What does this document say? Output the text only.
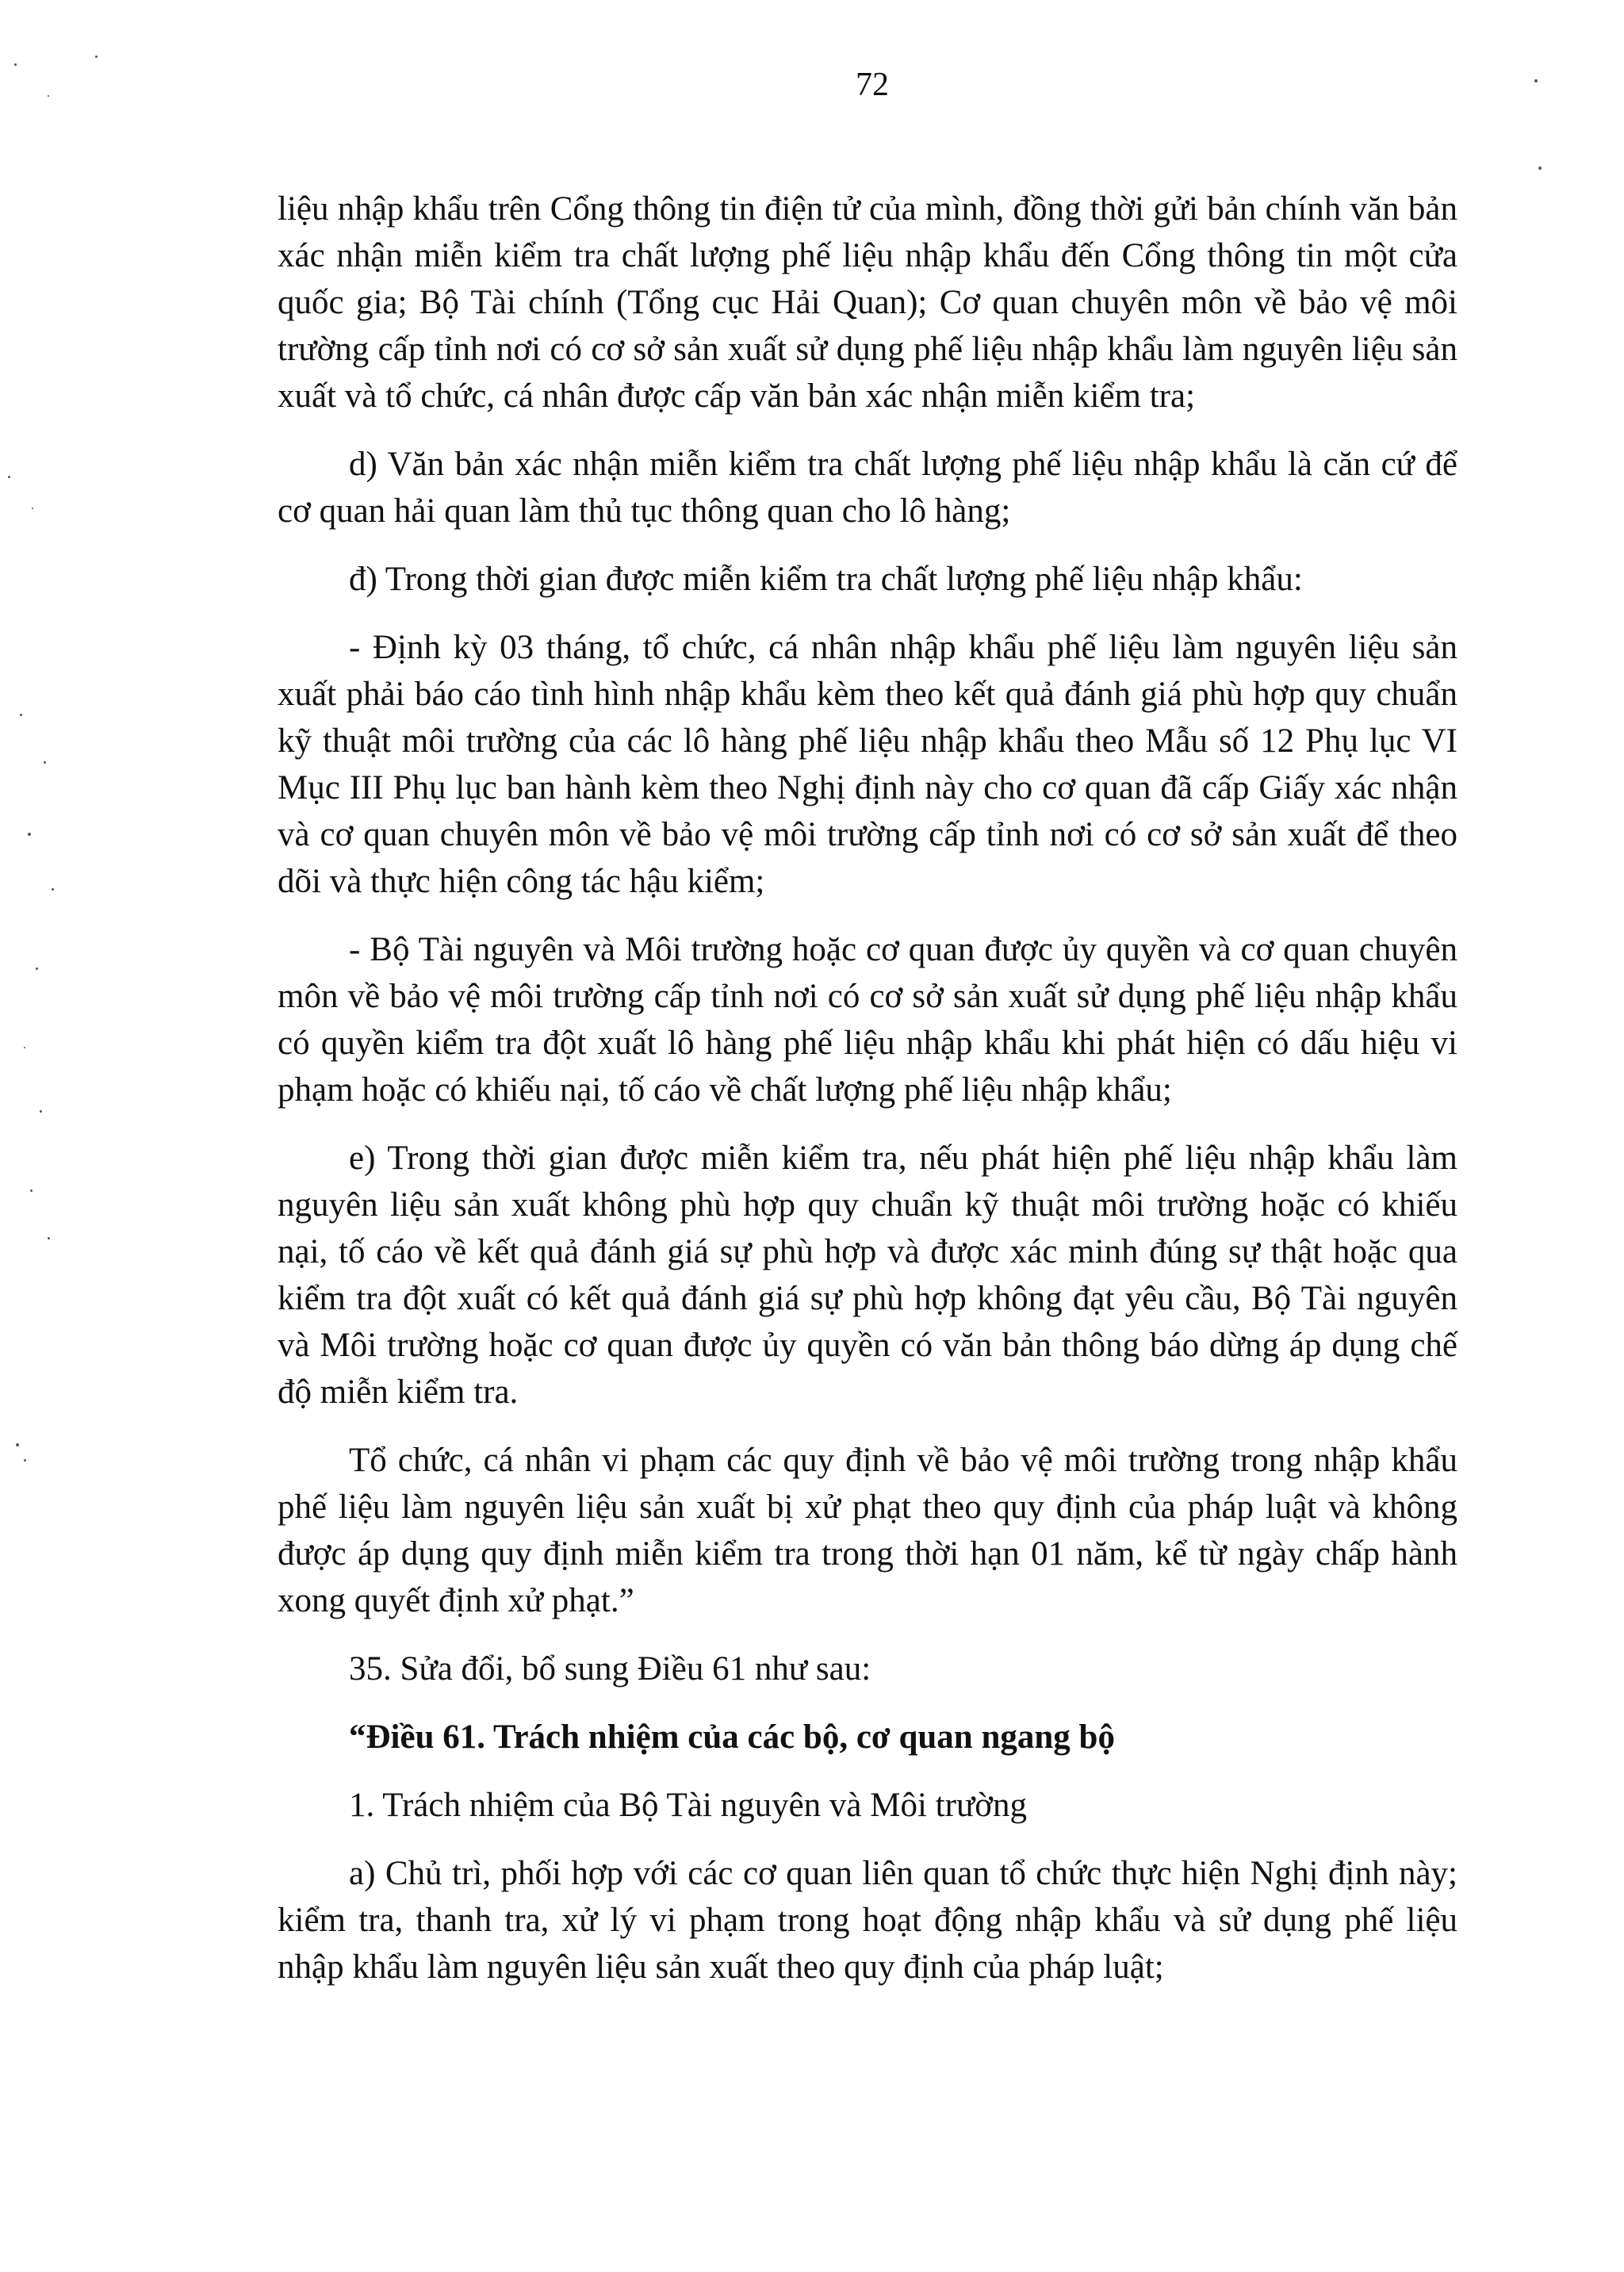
72

liệu nhập khẩu trên Cổng thông tin điện tử của mình, đồng thời gửi bản chính văn bản xác nhận miễn kiểm tra chất lượng phế liệu nhập khẩu đến Cổng thông tin một cửa quốc gia; Bộ Tài chính (Tổng cục Hải Quan); Cơ quan chuyên môn về bảo vệ môi trường cấp tỉnh nơi có cơ sở sản xuất sử dụng phế liệu nhập khẩu làm nguyên liệu sản xuất và tổ chức, cá nhân được cấp văn bản xác nhận miễn kiểm tra;

d) Văn bản xác nhận miễn kiểm tra chất lượng phế liệu nhập khẩu là căn cứ để cơ quan hải quan làm thủ tục thông quan cho lô hàng;

đ) Trong thời gian được miễn kiểm tra chất lượng phế liệu nhập khẩu:

- Định kỳ 03 tháng, tổ chức, cá nhân nhập khẩu phế liệu làm nguyên liệu sản xuất phải báo cáo tình hình nhập khẩu kèm theo kết quả đánh giá phù hợp quy chuẩn kỹ thuật môi trường của các lô hàng phế liệu nhập khẩu theo Mẫu số 12 Phụ lục VI Mục III Phụ lục ban hành kèm theo Nghị định này cho cơ quan đã cấp Giấy xác nhận và cơ quan chuyên môn về bảo vệ môi trường cấp tỉnh nơi có cơ sở sản xuất để theo dõi và thực hiện công tác hậu kiểm;

- Bộ Tài nguyên và Môi trường hoặc cơ quan được ủy quyền và cơ quan chuyên môn về bảo vệ môi trường cấp tỉnh nơi có cơ sở sản xuất sử dụng phế liệu nhập khẩu có quyền kiểm tra đột xuất lô hàng phế liệu nhập khẩu khi phát hiện có dấu hiệu vi phạm hoặc có khiếu nại, tố cáo về chất lượng phế liệu nhập khẩu;

e) Trong thời gian được miễn kiểm tra, nếu phát hiện phế liệu nhập khẩu làm nguyên liệu sản xuất không phù hợp quy chuẩn kỹ thuật môi trường hoặc có khiếu nại, tố cáo về kết quả đánh giá sự phù hợp và được xác minh đúng sự thật hoặc qua kiểm tra đột xuất có kết quả đánh giá sự phù hợp không đạt yêu cầu, Bộ Tài nguyên và Môi trường hoặc cơ quan được ủy quyền có văn bản thông báo dừng áp dụng chế độ miễn kiểm tra.

Tổ chức, cá nhân vi phạm các quy định về bảo vệ môi trường trong nhập khẩu phế liệu làm nguyên liệu sản xuất bị xử phạt theo quy định của pháp luật và không được áp dụng quy định miễn kiểm tra trong thời hạn 01 năm, kể từ ngày chấp hành xong quyết định xử phạt.”

35. Sửa đổi, bổ sung Điều 61 như sau:

“Điều 61. Trách nhiệm của các bộ, cơ quan ngang bộ

1. Trách nhiệm của Bộ Tài nguyên và Môi trường

a) Chủ trì, phối hợp với các cơ quan liên quan tổ chức thực hiện Nghị định này; kiểm tra, thanh tra, xử lý vi phạm trong hoạt động nhập khẩu và sử dụng phế liệu nhập khẩu làm nguyên liệu sản xuất theo quy định của pháp luật;
